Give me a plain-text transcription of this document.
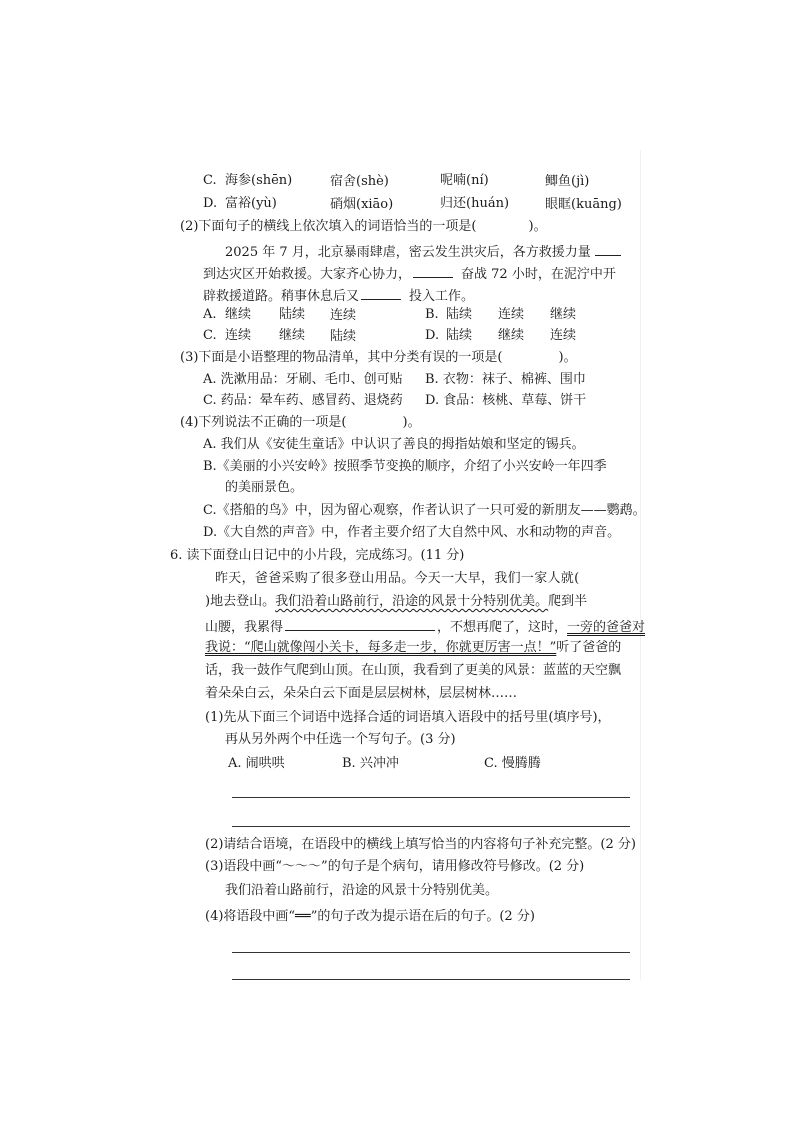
C. 海参(shēn)	宿舍(shè)	呢喃(ní)	鲫鱼(jì)
D. 富裕(yù)	硝烟(xiāo)	归还(huán)	眼眶(kuāng)
(2)下面句子的横线上依次填入的词语恰当的一项是(	)。
2025 年 7 月，北京暴雨肆虐，密云发生洪灾后，各方救援力量
到达灾区开始救援。大家齐心协力，	奋战 72 小时，在泥泞中开
辟救援道路。稍事休息后又	投入工作。
A. 继续 陆续 连续	B. 陆续 连续 继续
C. 连续 继续 陆续	D. 陆续 继续 连续
(3)下面是小语整理的物品清单，其中分类有误的一项是(	)。
A. 洗漱用品：牙刷、毛巾、创可贴 B. 衣物：袜子、棉裤、围巾
C. 药品：晕车药、感冒药、退烧药 D. 食品：核桃、草莓、饼干
(4)下列说法不正确的一项是(	)。
A. 我们从《安徒生童话》中认识了善良的拇指姑娘和坚定的锡兵。
B.《美丽的小兴安岭》按照季节变换的顺序，介绍了小兴安岭一年四季
的美丽景色。
C.《搭船的鸟》中，因为留心观察，作者认识了一只可爱的新朋友——鹦鹉。
D.《大自然的声音》中，作者主要介绍了大自然中风、水和动物的声音。
6. 读下面登山日记中的小片段，完成练习。(11 分)
昨天，爸爸采购了很多登山用品。今天一大早，我们一家人就(
)地去登山。我们沿着山路前行，沿途的风景十分特别优美。爬到半
山腰，我累得	，不想再爬了，这时，一旁的爸爸对
我说：“爬山就像闯小关卡，每多走一步，你就更厉害一点！”听了爸爸的
话，我一鼓作气爬到山顶。在山顶，我看到了更美的风景：蓝蓝的天空飘
着朵朵白云，朵朵白云下面是层层树林，层层树林……
(1)先从下面三个词语中选择合适的词语填入语段中的括号里(填序号)，
再从另外两个中任选一个写句子。(3 分)
A. 闹哄哄	B. 兴冲冲	C. 慢腾腾
(2)请结合语境，在语段中的横线上填写恰当的内容将句子补充完整。(2 分)
(3)语段中画“～～～”的句子是个病句，请用修改符号修改。(2 分)
我们沿着山路前行，沿途的风景十分特别优美。
(4)将语段中画“══”的句子改为提示语在后的句子。(2 分)
